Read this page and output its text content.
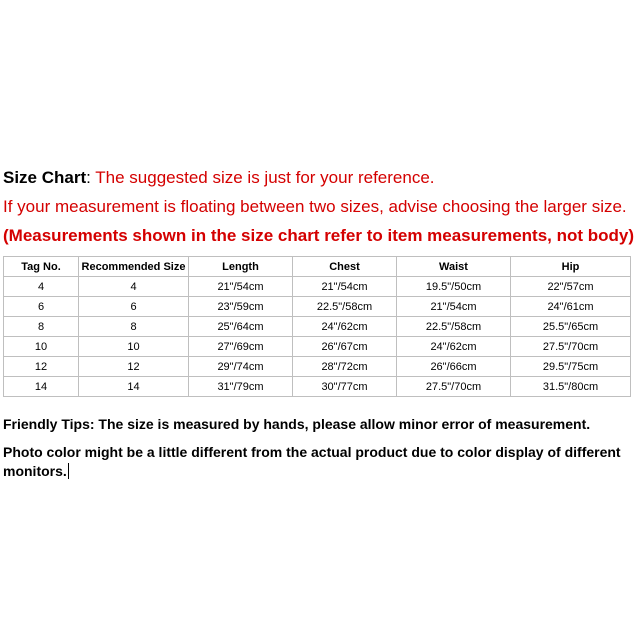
Size Chart: The suggested size is just for your reference.
If your measurement is floating between two sizes, advise choosing the larger size.
(Measurements shown in the size chart refer to item measurements, not body)
Tag No.	Recommended Size	Length	Chest	Waist	Hip
4	4	21"/54cm	21"/54cm	19.5"/50cm	22"/57cm
6	6	23"/59cm	22.5"/58cm	21"/54cm	24"/61cm
8	8	25"/64cm	24"/62cm	22.5"/58cm	25.5"/65cm
10	10	27"/69cm	26"/67cm	24"/62cm	27.5"/70cm
12	12	29"/74cm	28"/72cm	26"/66cm	29.5"/75cm
14	14	31"/79cm	30"/77cm	27.5"/70cm	31.5"/80cm
Friendly Tips: The size is measured by hands, please allow minor error of measurement.
Photo color might be a little different from the actual product due to color display of different monitors.
